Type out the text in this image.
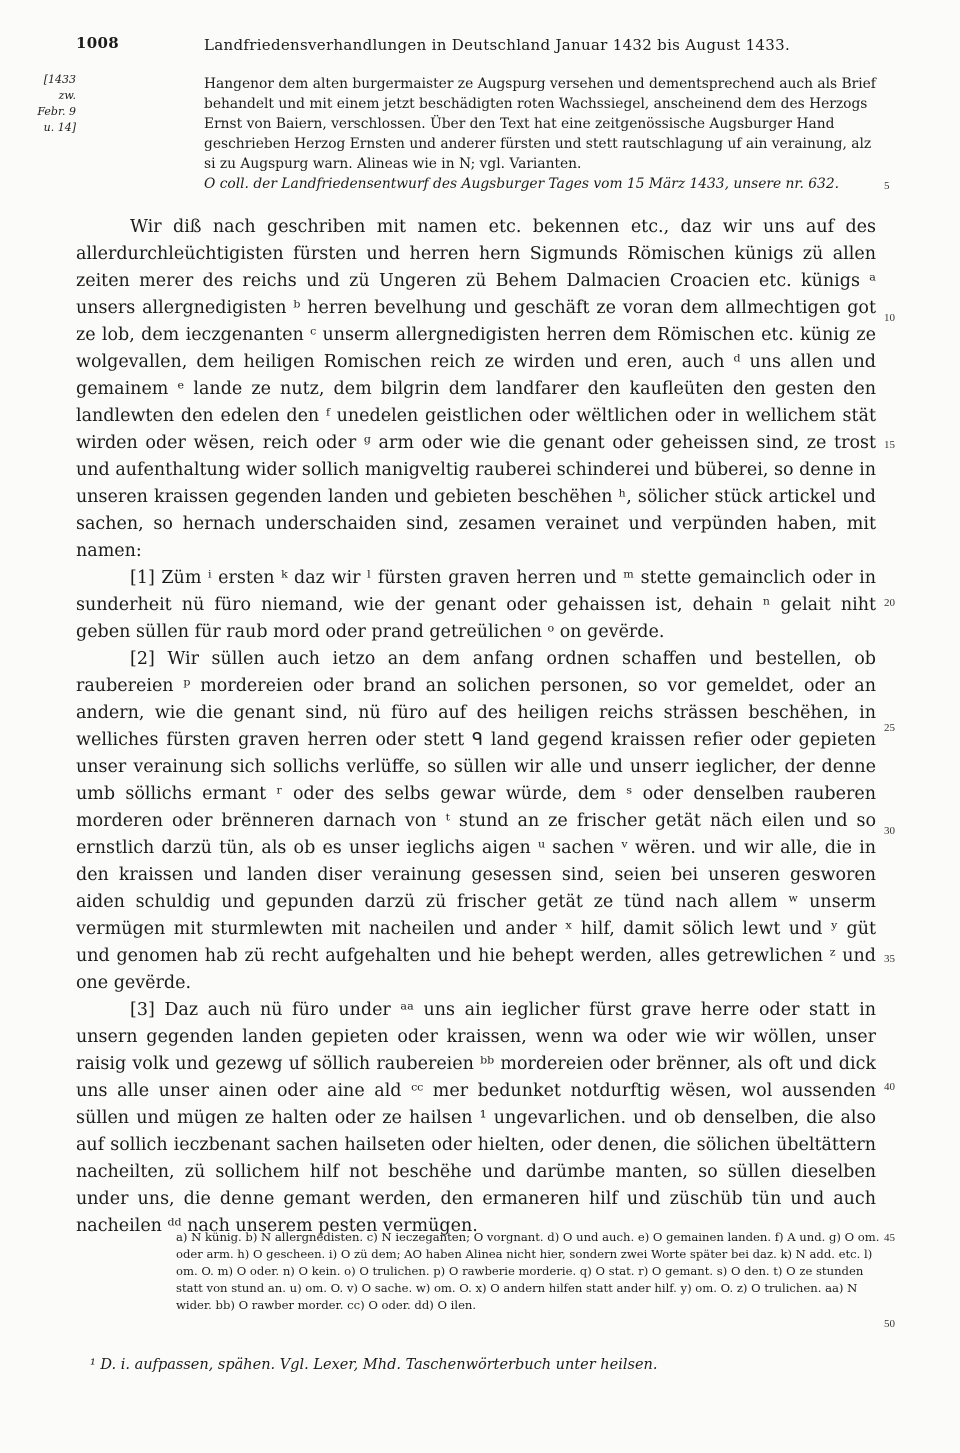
1008	Landfriedensverhandlungen in Deutschland Januar 1432 bis August 1433.
[1433
zw.
Febr. 9
u. 14]

Hangenor dem alten burgermaister ze Augspurg versehen und dementsprechend auch als Brief behandelt und mit einem jetzt beschädigten roten Wachssiegel, anscheinend dem des Herzogs Ernst von Baiern, verschlossen. Über den Text hat eine zeitgenössische Augsburger Hand geschrieben Herzog Ernsten und anderer fürsten und stett rautschlagung uf ain verainung, alz si zu Augspurg warn. Alineas wie in N; vgl. Varianten.

O coll. der Landfriedensentwurf des Augsburger Tages vom 15 März 1433, unsere nr. 632.

Wir diß nach geschriben mit namen etc. bekennen etc., daz wir uns auf des allerdurchleüchtigisten fürsten und herren hern Sigmunds Römischen künigs zü allen zeiten merer des reichs und zü Ungeren zü Behem Dalmacien Croacien etc. künigs ᵃ unsers allergnedigisten ᵇ herren bevelhung und geschäft ze voran dem allmechtigen got ze lob, dem ieczgenanten ᶜ unserm allergnedigisten herren dem Römischen etc. künig ze wolgevallen, dem heiligen Romischen reich ze wirden und eren, auch ᵈ uns allen und gemainem ᵉ lande ze nutz, dem bilgrin dem landfarer den kaufleüten den gesten den landlewten den edelen den ᶠ unedelen geistlichen oder wёltlichen oder in wellichem stät wirden oder wёsen, reich oder ᵍ arm oder wie die genant oder geheissen sind, ze trost und aufenthaltung wider sollich manigveltig rauberei schinderei und büberei, so denne in unseren kraissen gegenden landen und gebieten beschёhen ʰ, sölicher stück artickel und sachen, so hernach underschaiden sind, zesamen verainet und verpünden haben, mit namen:

[1] Züm ⁱ ersten ᵏ daz wir ˡ fürsten graven herren und ᵐ stette gemainclich oder in sunderheit nü füro niemand, wie der genant oder gehaissen ist, dehain ⁿ gelait niht geben süllen für raub mord oder prand getreülichen ᵒ on gevёrde.

[2] Wir süllen auch ietzo an dem anfang ordnen schaffen und bestellen, ob raubereien ᵖ mordereien oder brand an solichen personen, so vor gemeldet, oder an andern, wie die genant sind, nü füro auf des heiligen reichs strässen beschёhen, in welliches fürsten graven herren oder stett ᑫ land gegend kraissen refier oder gepieten unser verainung sich sollichs verlüffe, so süllen wir alle und unserr ieglicher, der denne umb söllichs ermant ʳ oder des selbs gewar würde, dem ˢ oder denselben rauberen morderen oder brёnneren darnach von ᵗ stund an ze frischer getät näch eilen und so ernstlich darzü tün, als ob es unser ieglichs aigen ᵘ sachen ᵛ wёren. und wir alle, die in den kraissen und landen diser verainung gesessen sind, seien bei unseren gesworen aiden schuldig und gepunden darzü zü frischer getät ze tünd nach allem ʷ unserm vermügen mit sturmlewten mit nacheilen und ander ˣ hilf, damit sölich lewt und ʸ güt und genomen hab zü recht aufgehalten und hie behept werden, alles getrewlichen ᶻ und one gevёrde.

[3] Daz auch nü füro under ᵃᵃ uns ain ieglicher fürst grave herre oder statt in unsern gegenden landen gepieten oder kraissen, wenn wa oder wie wir wöllen, unser raisig volk und gezewg uf söllich raubereien ᵇᵇ mordereien oder brёnner, als oft und dick uns alle unser ainen oder aine ald ᶜᶜ mer bedunket notdurftig wёsen, wol aussenden süllen und mügen ze halten oder ze hailsen ¹ ungevarlichen. und ob denselben, die also auf sollich ieczbenant sachen hailseten oder hielten, oder denen, die sölichen übeltättern nacheilten, zü sollichem hilf not beschёhe und darümbe manten, so süllen dieselben under uns, die denne gemant werden, den ermaneren hilf und züschüb tün und auch nacheilen ᵈᵈ nach unserem pesten vermügen.

5
10
15
20
25
30
35
40
45
50

a) N künig. b) N allergnedisten. c) N ieczeganten; O vorgnant. d) O und auch. e) O gemainen landen. f) A und. g) O om. oder arm. h) O gescheen. i) O zü dem; AO haben Alinea nicht hier, sondern zwei Worte später bei daz. k) N add. etc. l) om. O. m) O oder. n) O kein. o) O trulichen. p) O rawberie morderie. q) O stat. r) O gemant. s) O den. t) O ze stunden statt von stund an. u) om. O. v) O sache. w) om. O. x) O andern hilfen statt ander hilf. y) om. O. z) O trulichen. aa) N wider. bb) O rawber morder. cc) O oder. dd) O ilen.

¹ D. i. aufpassen, spähen. Vgl. Lexer, Mhd. Taschenwörterbuch unter heilsen.
